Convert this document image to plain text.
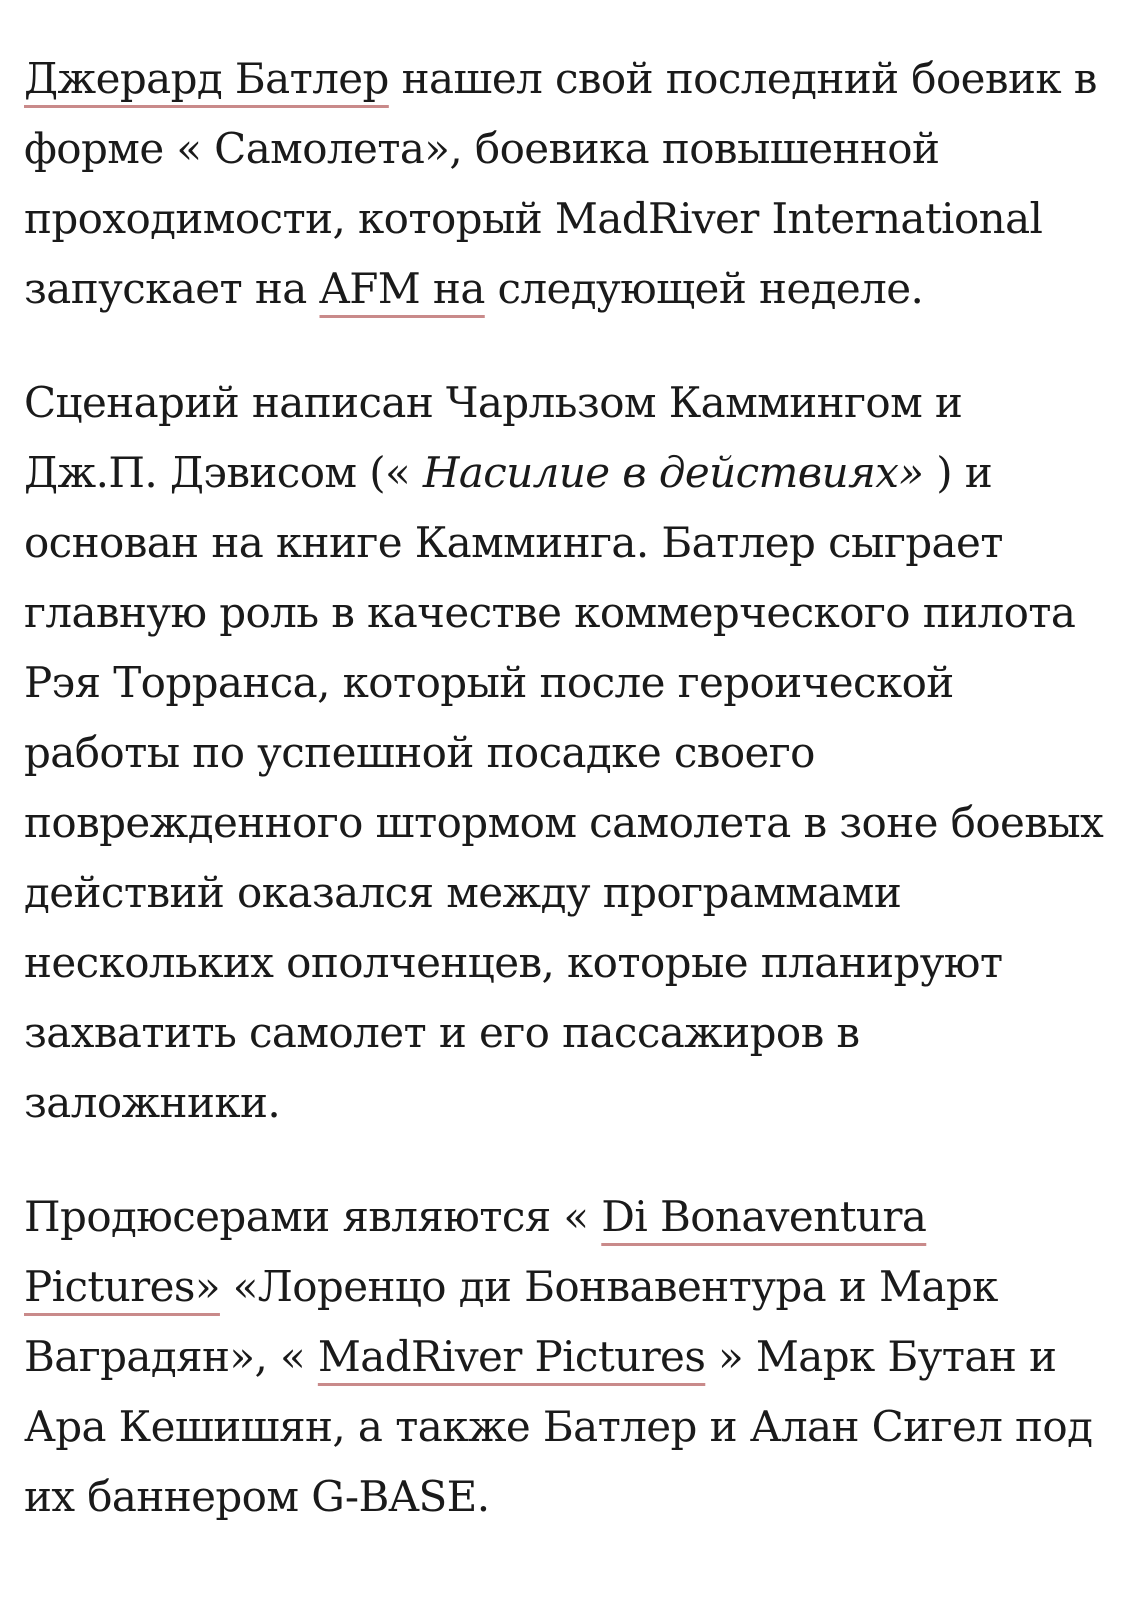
Джерард Батлер нашел свой последний боевик в форме « Самолета», боевика повышенной проходимости, который MadRiver International запускает на AFM на следующей неделе.

Сценарий написан Чарльзом Каммингом и Дж.П. Дэвисом (« Насилие в действиях» ) и основан на книге Камминга. Батлер сыграет главную роль в качестве коммерческого пилота Рэя Торранса, который после героической работы по успешной посадке своего поврежденного штормом самолета в зоне боевых действий оказался между программами нескольких ополченцев, которые планируют захватить самолет и его пассажиров в заложники.

Продюсерами являются « Di Bonaventura Pictures» «Лоренцо ди Бонвавентура и Марк Ваградян», « MadRiver Pictures » Марк Бутан и Ара Кешишян, а также Батлер и Алан Сигел под их баннером G-BASE.
